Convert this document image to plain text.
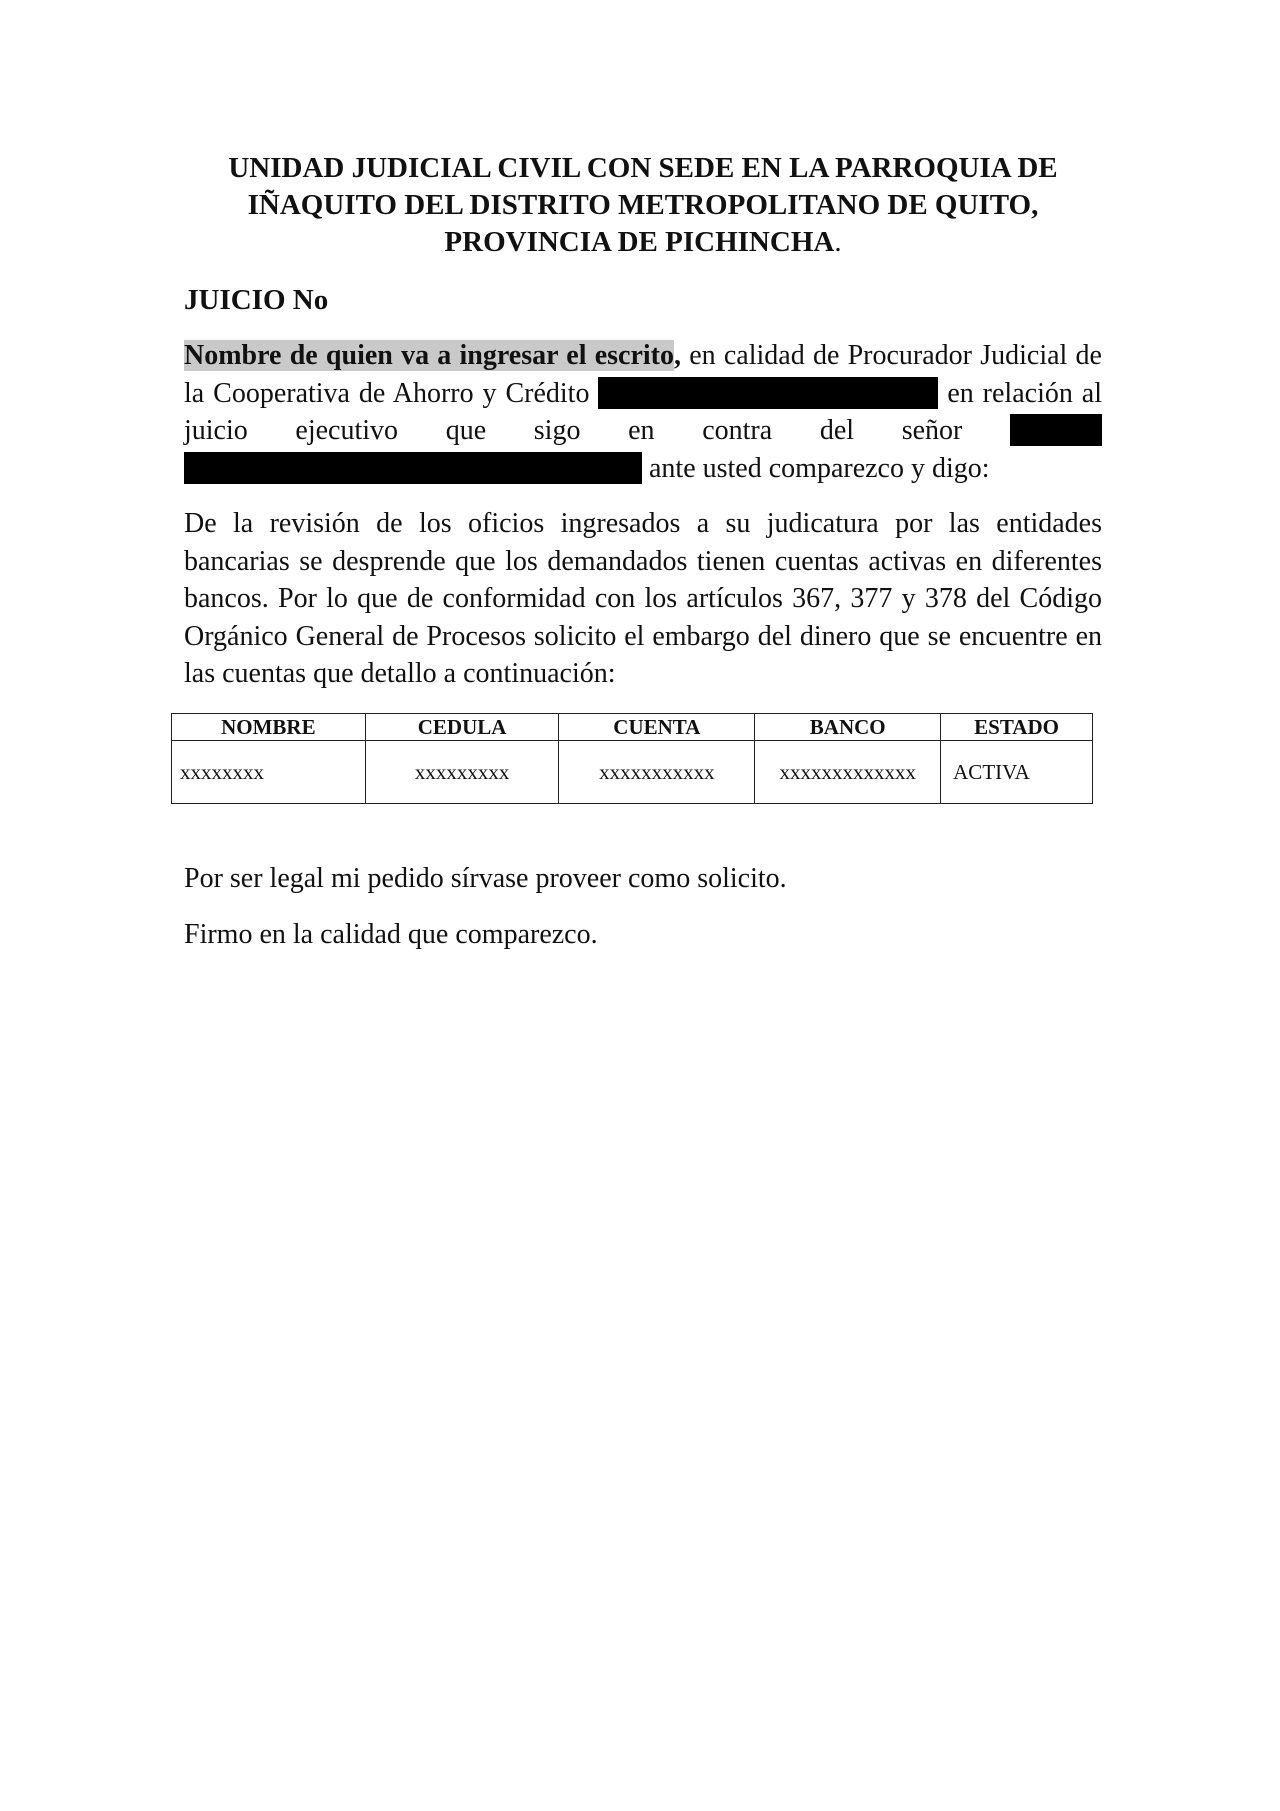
UNIDAD JUDICIAL CIVIL CON SEDE EN LA PARROQUIA DE
IÑAQUITO DEL DISTRITO METROPOLITANO DE QUITO,
PROVINCIA DE PICHINCHA.

JUICIO No

Nombre de quien va a ingresar el escrito, en calidad de Procurador Judicial de la Cooperativa de Ahorro y Crédito	en relación al juicio ejecutivo que sigo en contra del señor   ante usted comparezco y digo:

De la revisión de los oficios ingresados a su judicatura por las entidades bancarias se desprende que los demandados tienen cuentas activas en diferentes bancos. Por lo que de conformidad con los artículos 367, 377 y 378 del Código Orgánico General de Procesos solicito el embargo del dinero que se encuentre en las cuentas que detallo a continuación:

NOMBRE	CEDULA	CUENTA	BANCO	ESTADO
xxxxxxxx	xxxxxxxxx	xxxxxxxxxxx	xxxxxxxxxxxxx	ACTIVA

Por ser legal mi pedido sírvase proveer como solicito.

Firmo en la calidad que comparezco.
